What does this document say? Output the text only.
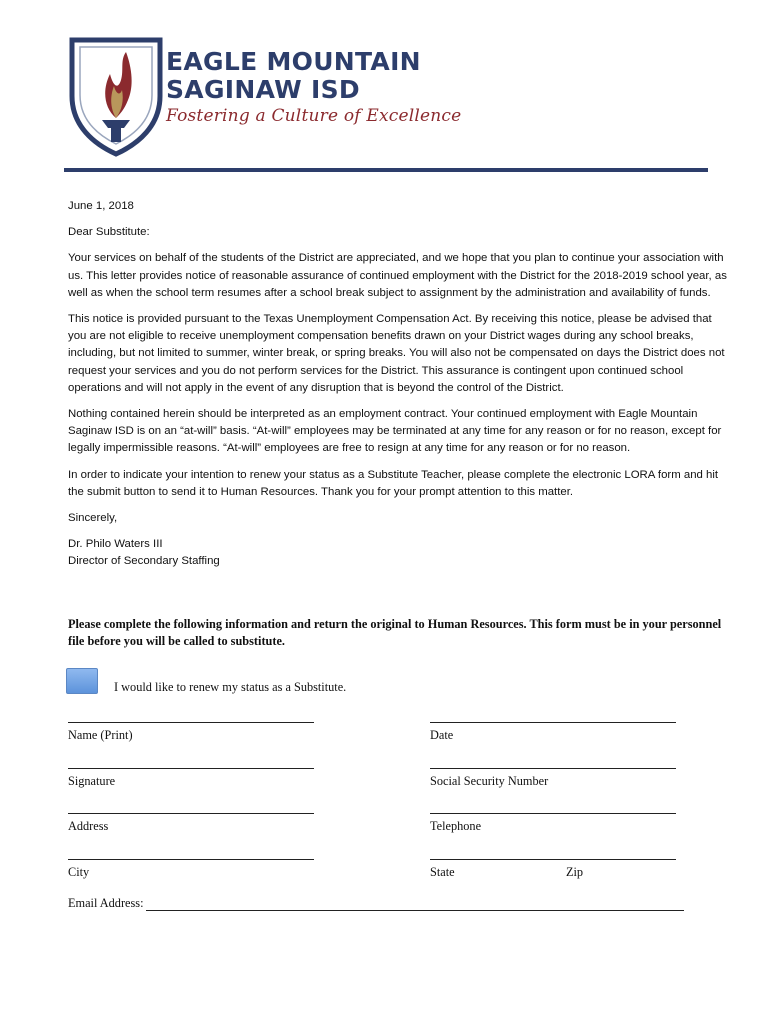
EAGLE MOUNTAIN
SAGINAW ISD
Fostering a Culture of Excellence

June 1, 2018

Dear Substitute:

Your services on behalf of the students of the District are appreciated, and we hope that you plan to continue your association with us. This letter provides notice of reasonable assurance of continued employment with the District for the 2018-2019 school year, as well as when the school term resumes after a school break subject to assignment by the administration and availability of funds.

This notice is provided pursuant to the Texas Unemployment Compensation Act. By receiving this notice, please be advised that you are not eligible to receive unemployment compensation benefits drawn on your District wages during any school breaks, including, but not limited to summer, winter break, or spring breaks. You will also not be compensated on days the District does not request your services and you do not perform services for the District. This assurance is contingent upon continued school operations and will not apply in the event of any disruption that is beyond the control of the District.

Nothing contained herein should be interpreted as an employment contract. Your continued employment with Eagle Mountain Saginaw ISD is on an “at-will” basis. “At-will” employees may be terminated at any time for any reason or for no reason, except for legally impermissible reasons. “At-will” employees are free to resign at any time for any reason or for no reason.

In order to indicate your intention to renew your status as a Substitute Teacher, please complete the electronic LORA form and hit the submit button to send it to Human Resources. Thank you for your prompt attention to this matter.

Sincerely,

Dr. Philo Waters III

Director of Secondary Staffing

Please complete the following information and return the original to Human Resources. This form must be in your personnel file before you will be called to substitute.
I would like to renew my status as a Substitute.
Name (Print)	Date
Signature	Social Security Number
Address	Telephone
City	State	Zip
Email Address:
